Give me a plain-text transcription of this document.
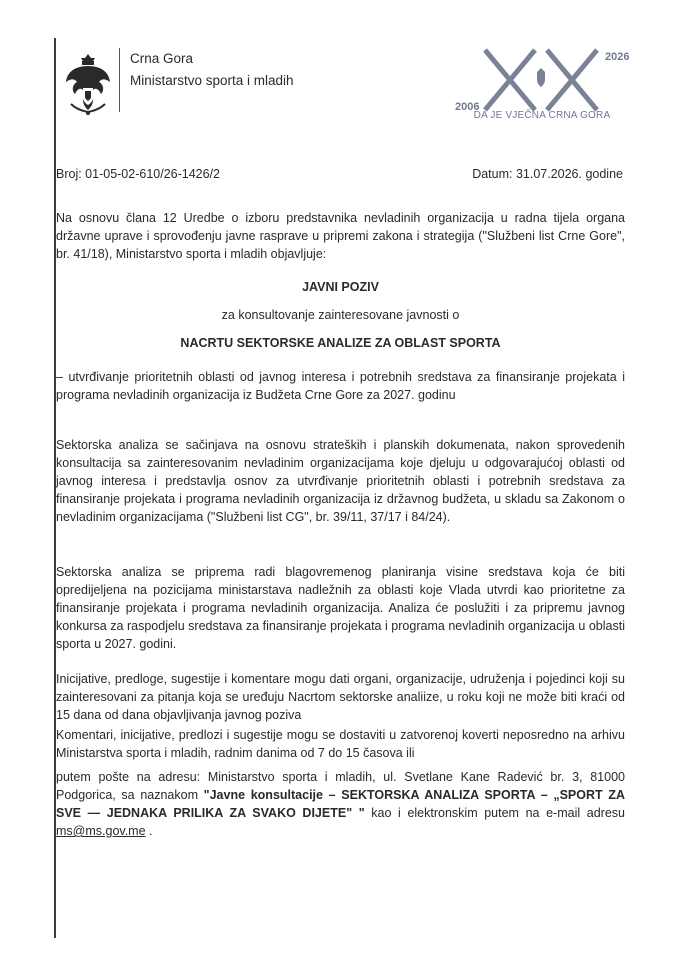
Crna Gora
Ministarstvo sporta i mladih
2026
2006
DA JE VJEČNA CRNA GORA
Broj: 01-05-02-610/26-1426/2	Datum: 31.07.2026. godine
Na osnovu člana 12 Uredbe o izboru predstavnika nevladinih organizacija u radna tijela organa državne uprave i sprovođenju javne rasprave u pripremi zakona i strategija ("Službeni list Crne Gore", br. 41/18), Ministarstvo sporta i mladih objavljuje:
JAVNI POZIV
za konsultovanje zainteresovane javnosti o
NACRTU SEKTORSKE ANALIZE ZA OBLAST SPORTA
– utvrđivanje prioritetnih oblasti od javnog interesa i potrebnih sredstava za finansiranje projekata i programa nevladinih organizacija iz Budžeta Crne Gore za 2027. godinu
Sektorska analiza se sačinjava na osnovu strateških i planskih dokumenata, nakon sprovedenih konsultacija sa zainteresovanim nevladinim organizacijama koje djeluju u odgovarajućoj oblasti od javnog interesa i predstavlja osnov za utvrđivanje prioritetnih oblasti i potrebnih sredstava za finansiranje projekata i programa nevladinih organizacija iz državnog budžeta, u skladu sa Zakonom o nevladinim organizacijama ("Službeni list CG", br. 39/11, 37/17 i 84/24).
Sektorska analiza se priprema radi blagovremenog planiranja visine sredstava koja će biti opredijeljena na pozicijama ministarstava nadležnih za oblasti koje Vlada utvrdi kao prioritetne za finansiranje projekata i programa nevladinih organizacija. Analiza će poslužiti i za pripremu javnog konkursa za raspodjelu sredstava za finansiranje projekata i programa nevladinih organizacija u oblasti sporta u 2027. godini.
Inicijative, predloge, sugestije i komentare mogu dati organi, organizacije, udruženja i pojedinci koji su zainteresovani za pitanja koja se uređuju Nacrtom sektorske analiize, u roku koji ne može biti kraći od 15 dana od dana objavljivanja javnog poziva

Komentari, inicijative, predlozi i sugestije mogu se dostaviti u zatvorenoj koverti neposredno na arhivu Ministarstva sporta i mladih, radnim danima od 7 do 15 časova ili

putem pošte na adresu: Ministarstvo sporta i mladih, ul. Svetlane Kane Radević br. 3, 81000 Podgorica, sa naznakom "Javne konsultacije – SEKTORSKA ANALIZA SPORTA – „SPORT ZA SVE — JEDNAKA PRILIKA ZA SVAKO DIJETE" " kao i elektronskim putem na e-mail adresu ms@ms.gov.me .
